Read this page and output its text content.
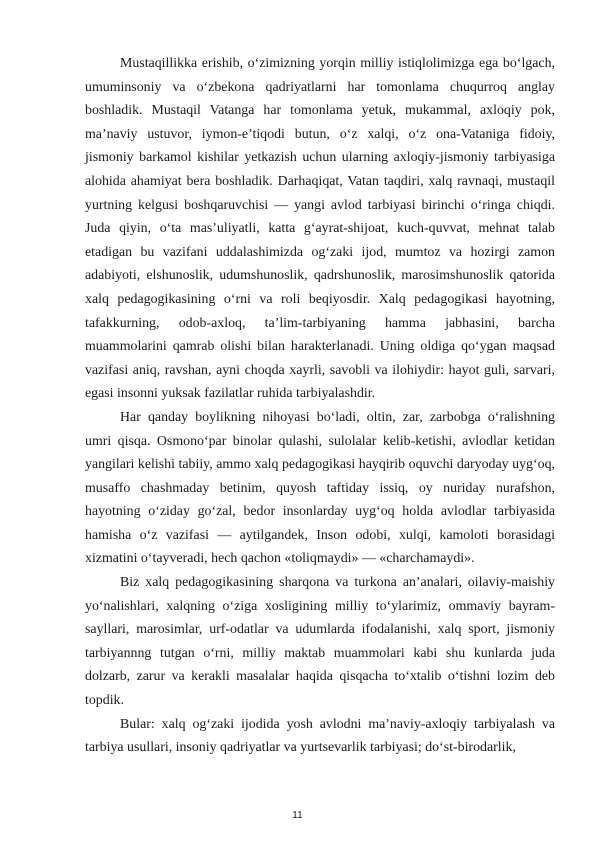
Mustaqillikka erishib, o‘zimizning yorqin milliy istiqlolimizga ega bo‘lgach, umuminsoniy va o‘zbekona qadriyatlarni har tomonlama chuqurroq anglay boshladik. Mustaqil Vatanga har tomonlama yetuk, mukammal, axloqiy pok, ma’naviy ustuvor, iymon-e’tiqodi butun, o‘z xalqi, o‘z ona-Vataniga fidoiy, jismoniy barkamol kishilar yetkazish uchun ularning axloqiy-jismoniy tarbiyasiga alohida ahamiyat bera boshladik. Darhaqiqat, Vatan taqdiri, xalq ravnaqi, mustaqil yurtning kelgusi boshqaruvchisi — yangi avlod tarbiyasi birinchi o‘ringa chiqdi. Juda qiyin, o‘ta mas’uliyatli, katta g‘ayrat-shijoat, kuch-quvvat, mehnat talab etadigan bu vazifani uddalashimizda og‘zaki ijod, mumtoz va hozirgi zamon adabiyoti, elshunoslik, udumshunoslik, qadrshunoslik, marosimshunoslik qatorida xalq pedagogikasining o‘rni va roli beqiyosdir. Xalq pedagogikasi hayotning, tafakkurning, odob-axloq, ta’lim-tarbiyaning hamma jabhasini, barcha muammolarini qamrab olishi bilan harakterlanadi. Uning oldiga qo‘ygan maqsad vazifasi aniq, ravshan, ayni choqda xayrli, savobli va ilohiydir: hayot guli, sarvari, egasi insonni yuksak fazilatlar ruhida tarbiyalashdir.

Har qanday boylikning nihoyasi bo‘ladi, oltin, zar, zarbobga o‘ralishning umri qisqa. Osmono‘par binolar qulashi, sulolalar kelib-ketishi, avlodlar ketidan yangilari kelishi tabiiy, ammo xalq pedagogikasi hayqirib oquvchi daryoday uyg‘oq, musaffo chashmaday betinim, quyosh taftiday issiq, oy nuriday nurafshon, hayotning o‘ziday go‘zal, bedor insonlarday uyg‘oq holda avlodlar tarbiyasida hamisha o‘z vazifasi — aytilgandek, Inson odobi, xulqi, kamoloti borasidagi xizmatini o‘tayveradi, hech qachon «toliqmaydi» — «charchamaydi».

Biz xalq pedagogikasining sharqona va turkona an’analari, oilaviy-maishiy yo‘nalishlari, xalqning o‘ziga xosligining milliy to‘ylarimiz, ommaviy bayram-sayllari, marosimlar, urf-odatlar va udumlarda ifodalanishi, xalq sport, jismoniy tarbiyannng tutgan o‘rni, milliy maktab muammolari kabi shu kunlarda juda dolzarb, zarur va kerakli masalalar haqida qisqacha to‘xtalib o‘tishni lozim deb topdik.

Bular: xalq og‘zaki ijodida yosh avlodni ma’naviy-axloqiy tarbiyalash va tarbiya usullari, insoniy qadriyatlar va yurtsevarlik tarbiyasi; do‘st-birodarlik,

11
